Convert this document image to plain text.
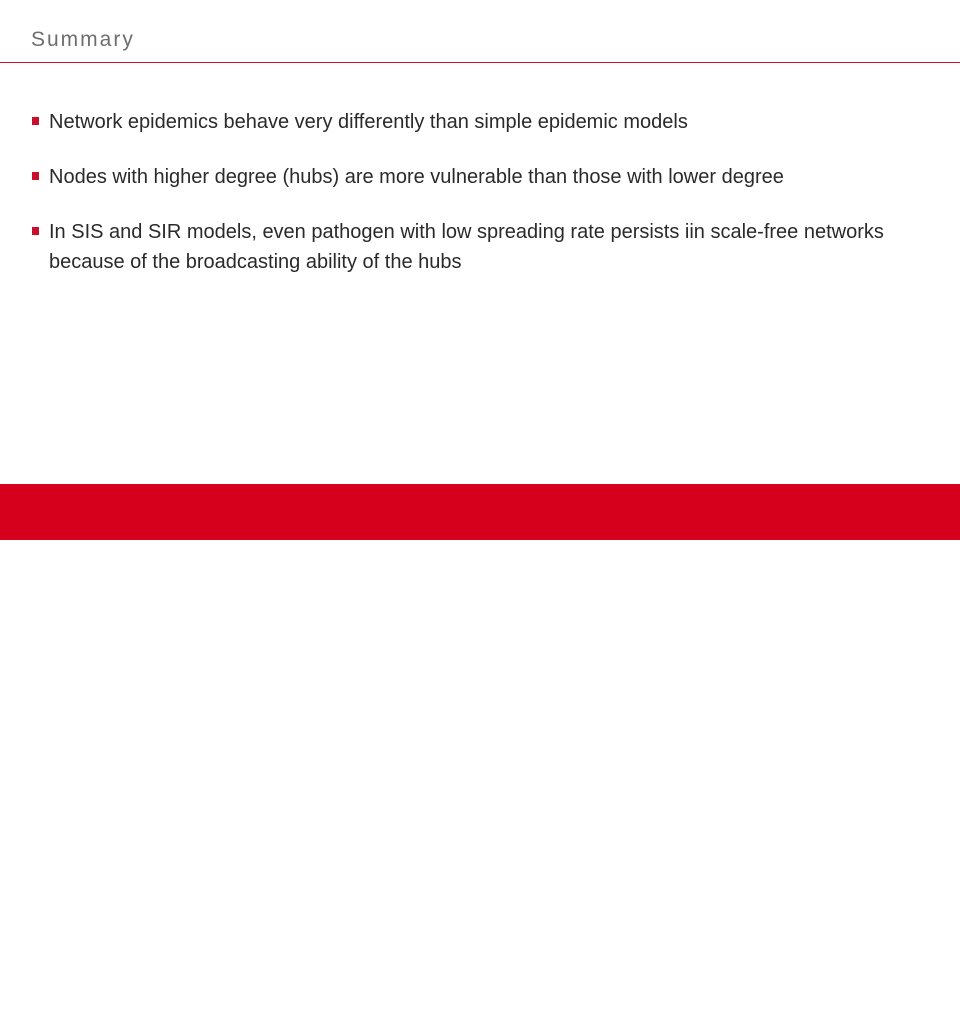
Summary
Network epidemics behave very differently than simple epidemic models
Nodes with higher degree (hubs) are more vulnerable than those with lower degree
In SIS and SIR models, even pathogen with low spreading rate persists iin scale-free networks because of the broadcasting ability of the hubs
Rensselaer	Network Epidemic
14
3/8/2021
